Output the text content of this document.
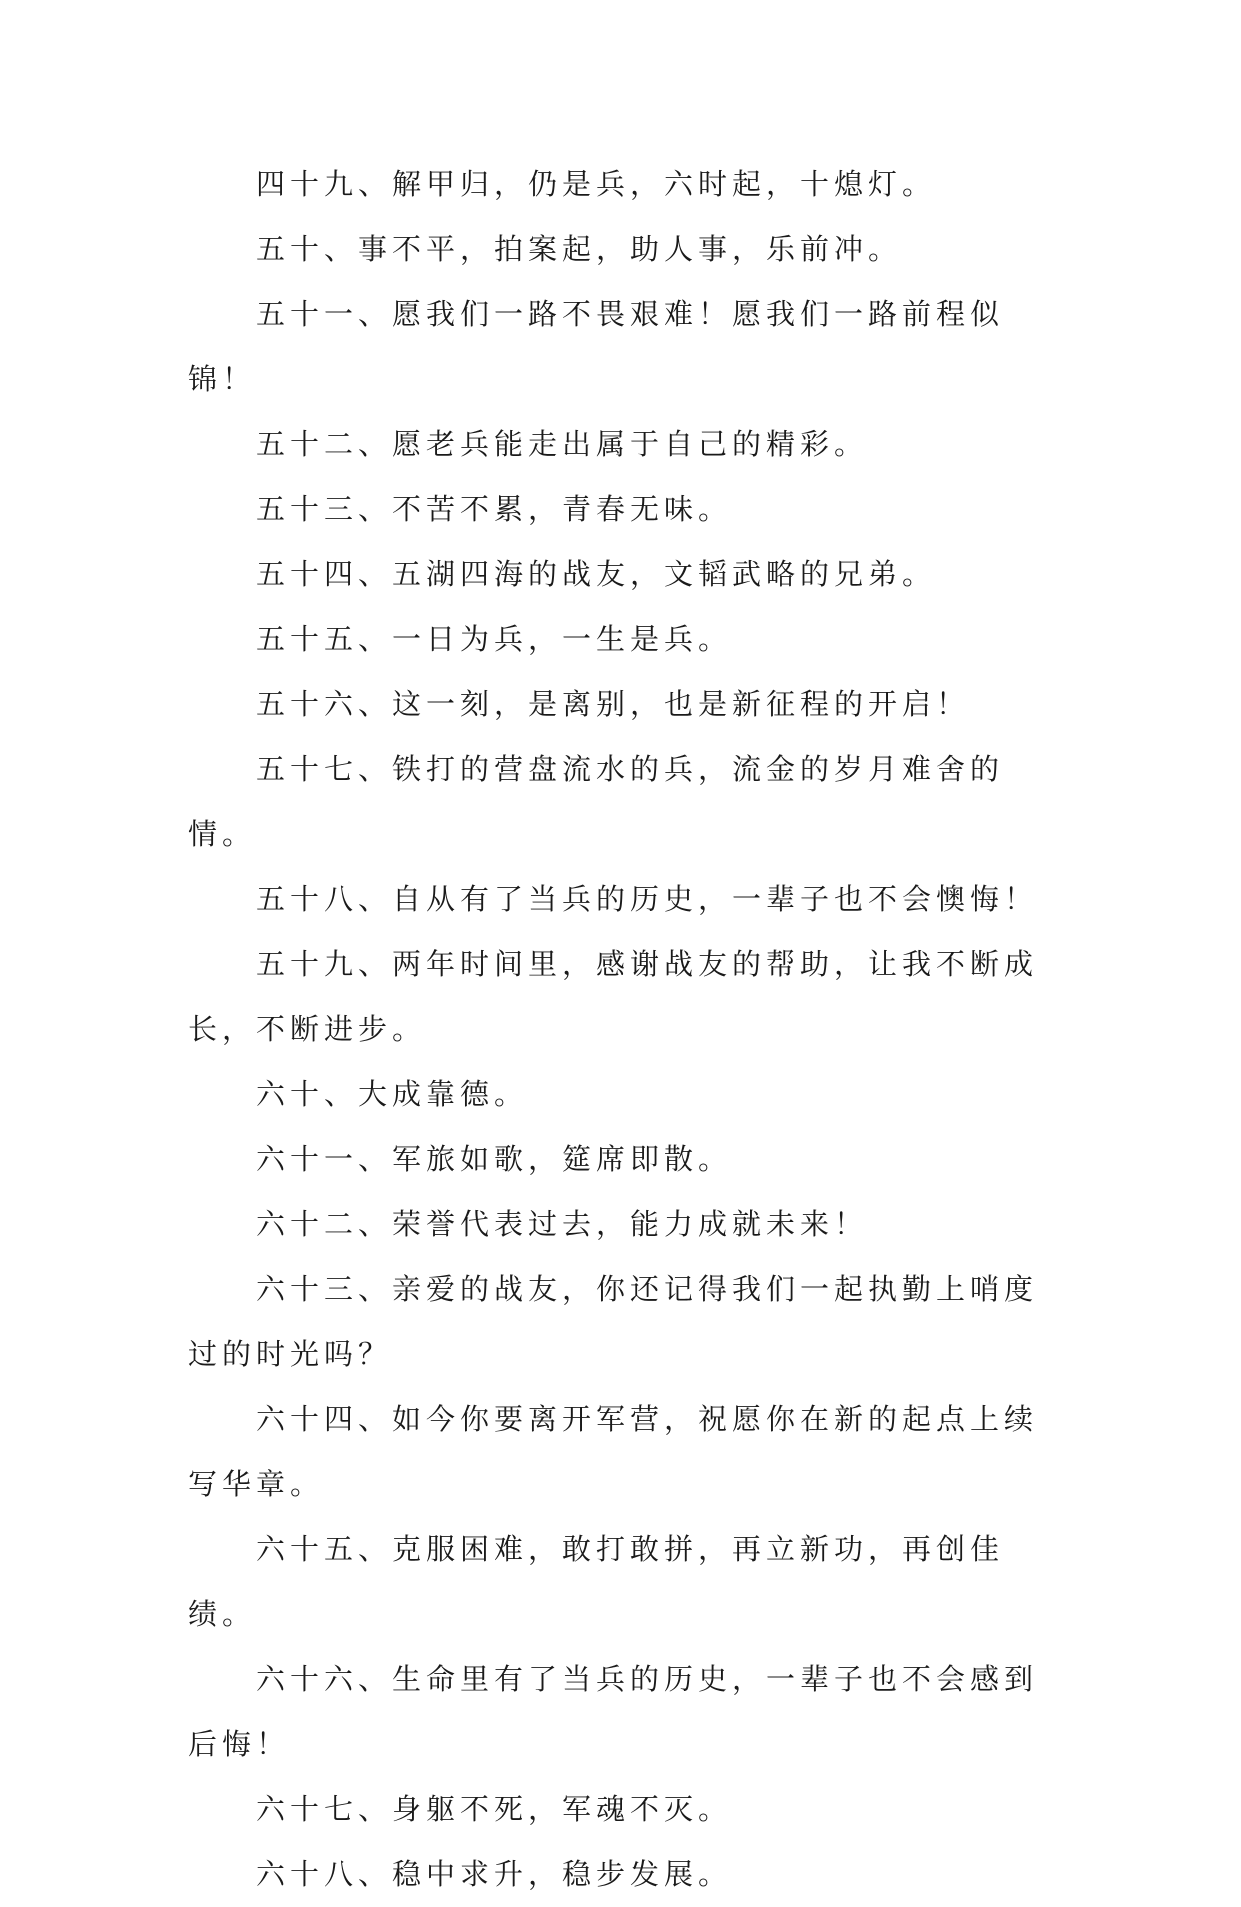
四十九、解甲归，仍是兵，六时起，十熄灯。

五十、事不平，拍案起，助人事，乐前冲。

五十一、愿我们一路不畏艰难！愿我们一路前程似锦！

五十二、愿老兵能走出属于自己的精彩。

五十三、不苦不累，青春无味。

五十四、五湖四海的战友，文韬武略的兄弟。

五十五、一日为兵，一生是兵。

五十六、这一刻，是离别，也是新征程的开启！

五十七、铁打的营盘流水的兵，流金的岁月难舍的情。

五十八、自从有了当兵的历史，一辈子也不会懊悔！

五十九、两年时间里，感谢战友的帮助，让我不断成长，不断进步。

六十、大成靠德。

六十一、军旅如歌，筵席即散。

六十二、荣誉代表过去，能力成就未来！

六十三、亲爱的战友，你还记得我们一起执勤上哨度过的时光吗？

六十四、如今你要离开军营，祝愿你在新的起点上续写华章。

六十五、克服困难，敢打敢拼，再立新功，再创佳绩。

六十六、生命里有了当兵的历史，一辈子也不会感到后悔！

六十七、身躯不死，军魂不灭。

六十八、稳中求升，稳步发展。
